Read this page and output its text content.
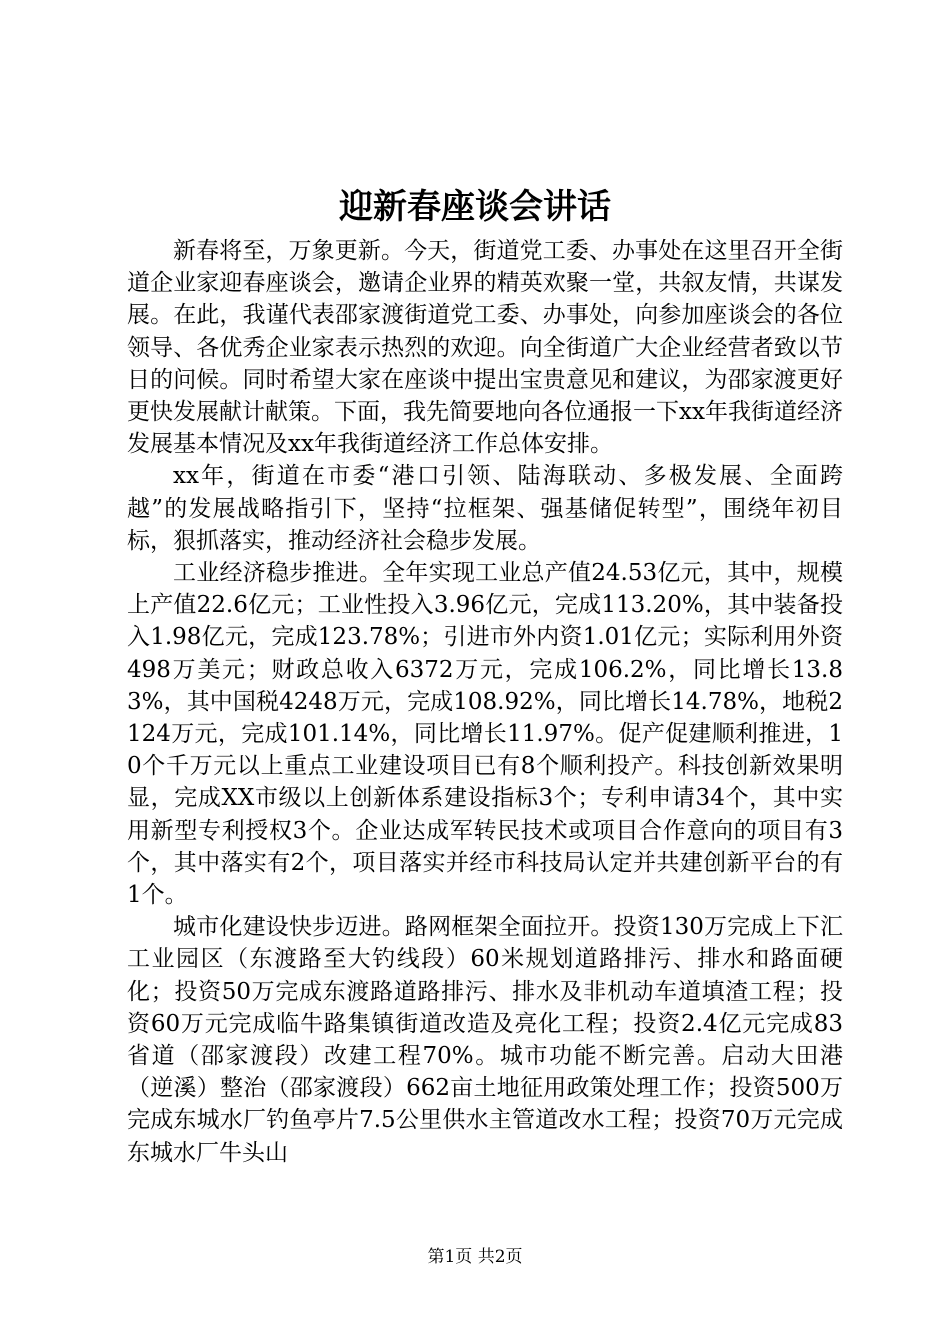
迎新春座谈会讲话

新春将至，万象更新。今天，街道党工委、办事处在这里召开全街道企业家迎春座谈会，邀请企业界的精英欢聚一堂，共叙友情，共谋发展。在此，我谨代表邵家渡街道党工委、办事处，向参加座谈会的各位领导、各优秀企业家表示热烈的欢迎。向全街道广大企业经营者致以节日的问候。同时希望大家在座谈中提出宝贵意见和建议，为邵家渡更好更快发展献计献策。下面，我先简要地向各位通报一下xx年我街道经济发展基本情况及xx年我街道经济工作总体安排。

xx年，街道在市委“港口引领、陆海联动、多极发展、全面跨越”的发展战略指引下，坚持“拉框架、强基储促转型”，围绕年初目标，狠抓落实，推动经济社会稳步发展。

工业经济稳步推进。全年实现工业总产值24.53亿元，其中，规模上产值22.6亿元；工业性投入3.96亿元，完成113.20%，其中装备投入1.98亿元，完成123.78%；引进市外内资1.01亿元；实际利用外资498万美元；财政总收入6372万元，完成106.2%，同比增长13.83%，其中国税4248万元，完成108.92%，同比增长14.78%，地税2124万元，完成101.14%，同比增长11.97%。促产促建顺利推进，10个千万元以上重点工业建设项目已有8个顺利投产。科技创新效果明显，完成XX市级以上创新体系建设指标3个；专利申请34个，其中实用新型专利授权3个。企业达成军转民技术或项目合作意向的项目有3个，其中落实有2个，项目落实并经市科技局认定并共建创新平台的有1个。

城市化建设快步迈进。路网框架全面拉开。投资130万完成上下汇工业园区（东渡路至大钓线段）60米规划道路排污、排水和路面硬化；投资50万完成东渡路道路排污、排水及非机动车道填渣工程；投资60万元完成临牛路集镇街道改造及亮化工程；投资2.4亿元完成83省道（邵家渡段）改建工程70%。城市功能不断完善。启动大田港（逆溪）整治（邵家渡段）662亩土地征用政策处理工作；投资500万完成东城水厂钓鱼亭片7.5公里供水主管道改水工程；投资70万元完成东城水厂牛头山

第1页 共2页
